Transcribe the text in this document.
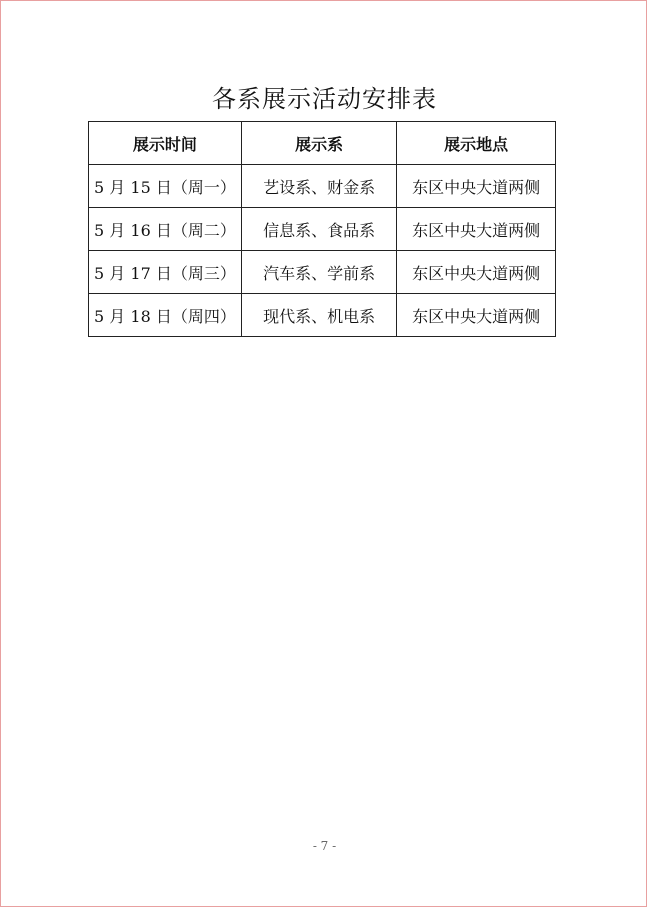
各系展示活动安排表
展示时间	展示系	展示地点
5 月 15 日（周一）	艺设系、财金系	东区中央大道两侧
5 月 16 日（周二）	信息系、食品系	东区中央大道两侧
5 月 17 日（周三）	汽车系、学前系	东区中央大道两侧
5 月 18 日（周四）	现代系、机电系	东区中央大道两侧
- 7 -
